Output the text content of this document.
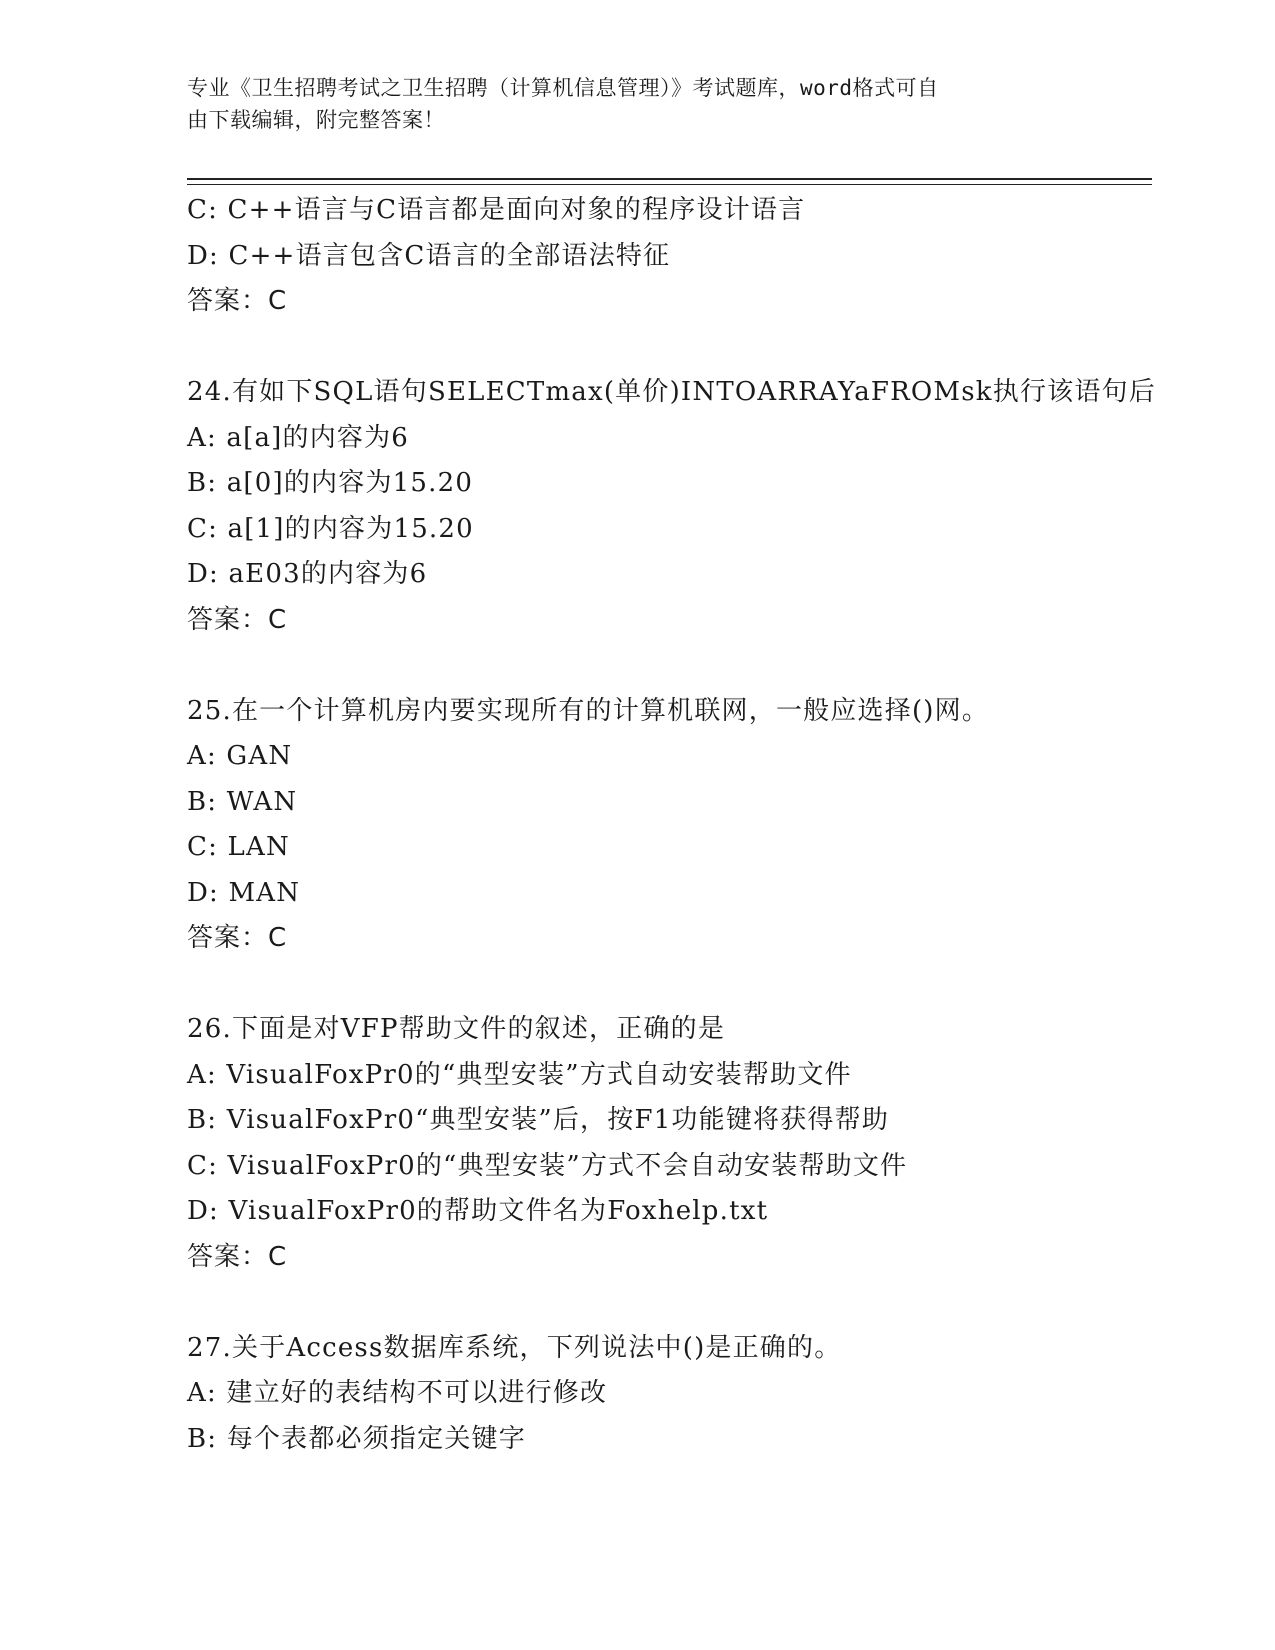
专业《卫生招聘考试之卫生招聘（计算机信息管理）》考试题库，word格式可自
由下载编辑，附完整答案！
C: C++语言与C语言都是面向对象的程序设计语言
D: C++语言包含C语言的全部语法特征
答案：C
24.有如下SQL语句SELECTmax(单价)INTOARRAYaFROMsk执行该语句后
A: a[a]的内容为6
B: a[0]的内容为15.20
C: a[1]的内容为15.20
D: aE03的内容为6
答案：C
25.在一个计算机房内要实现所有的计算机联网，一般应选择()网。
A: GAN
B: WAN
C: LAN
D: MAN
答案：C
26.下面是对VFP帮助文件的叙述，正确的是
A: VisualFoxPr0的“典型安装”方式自动安装帮助文件
B: VisualFoxPr0“典型安装”后，按F1功能键将获得帮助
C: VisualFoxPr0的“典型安装”方式不会自动安装帮助文件
D: VisualFoxPr0的帮助文件名为Foxhelp.txt
答案：C
27.关于Access数据库系统，下列说法中()是正确的。
A: 建立好的表结构不可以进行修改
B: 每个表都必须指定关键字
